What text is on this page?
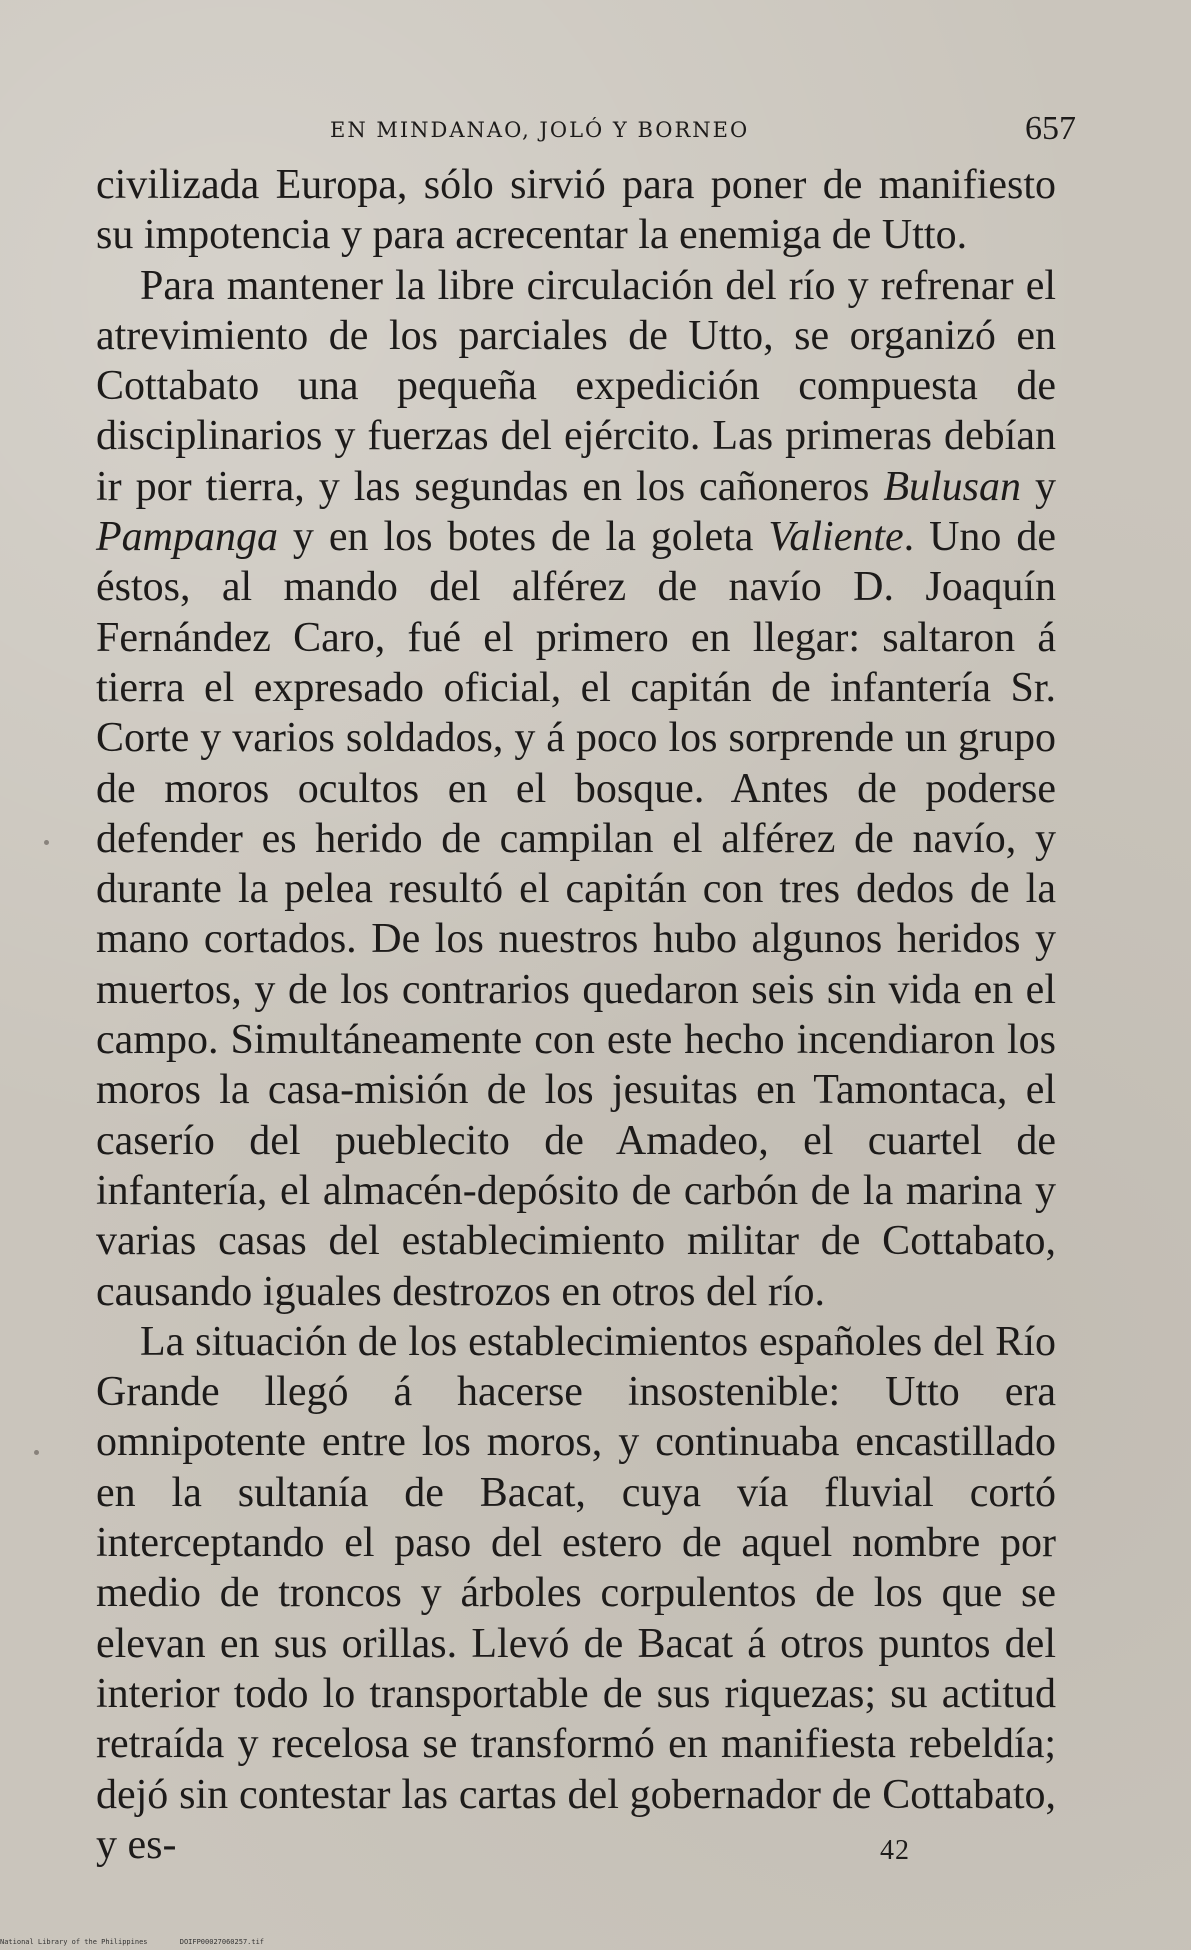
EN MINDANAO, JOLÓ Y BORNEO	657

civilizada Europa, sólo sirvió para poner de manifiesto su impotencia y para acrecentar la enemiga de Utto.

Para mantener la libre circulación del río y refrenar el atrevimiento de los parciales de Utto, se organizó en Cottabato una pequeña expedición compuesta de disciplinarios y fuerzas del ejército. Las primeras debían ir por tierra, y las segundas en los cañoneros Bulusan y Pampanga y en los botes de la goleta Valiente. Uno de éstos, al mando del alférez de navío D. Joaquín Fernández Caro, fué el primero en llegar: saltaron á tierra el expresado oficial, el capitán de infantería Sr. Corte y varios soldados, y á poco los sorprende un grupo de moros ocultos en el bosque. Antes de poderse defender es herido de campilan el alférez de navío, y durante la pelea resultó el capitán con tres dedos de la mano cortados. De los nuestros hubo algunos heridos y muertos, y de los contrarios quedaron seis sin vida en el campo. Simultáneamente con este hecho incendiaron los moros la casa-misión de los jesuitas en Tamontaca, el caserío del pueblecito de Amadeo, el cuartel de infantería, el almacén-depósito de carbón de la marina y varias casas del establecimiento militar de Cottabato, causando iguales destrozos en otros del río.

La situación de los establecimientos españoles del Río Grande llegó á hacerse insostenible: Utto era omnipotente entre los moros, y continuaba encastillado en la sultanía de Bacat, cuya vía fluvial cortó interceptando el paso del estero de aquel nombre por medio de troncos y árboles corpulentos de los que se elevan en sus orillas. Llevó de Bacat á otros puntos del interior todo lo transportable de sus riquezas; su actitud retraída y recelosa se transformó en manifiesta rebeldía; dejó sin contestar las cartas del gobernador de Cottabato, y es-	42
National Library of the Philippines	DOIFP00027060257.tif
